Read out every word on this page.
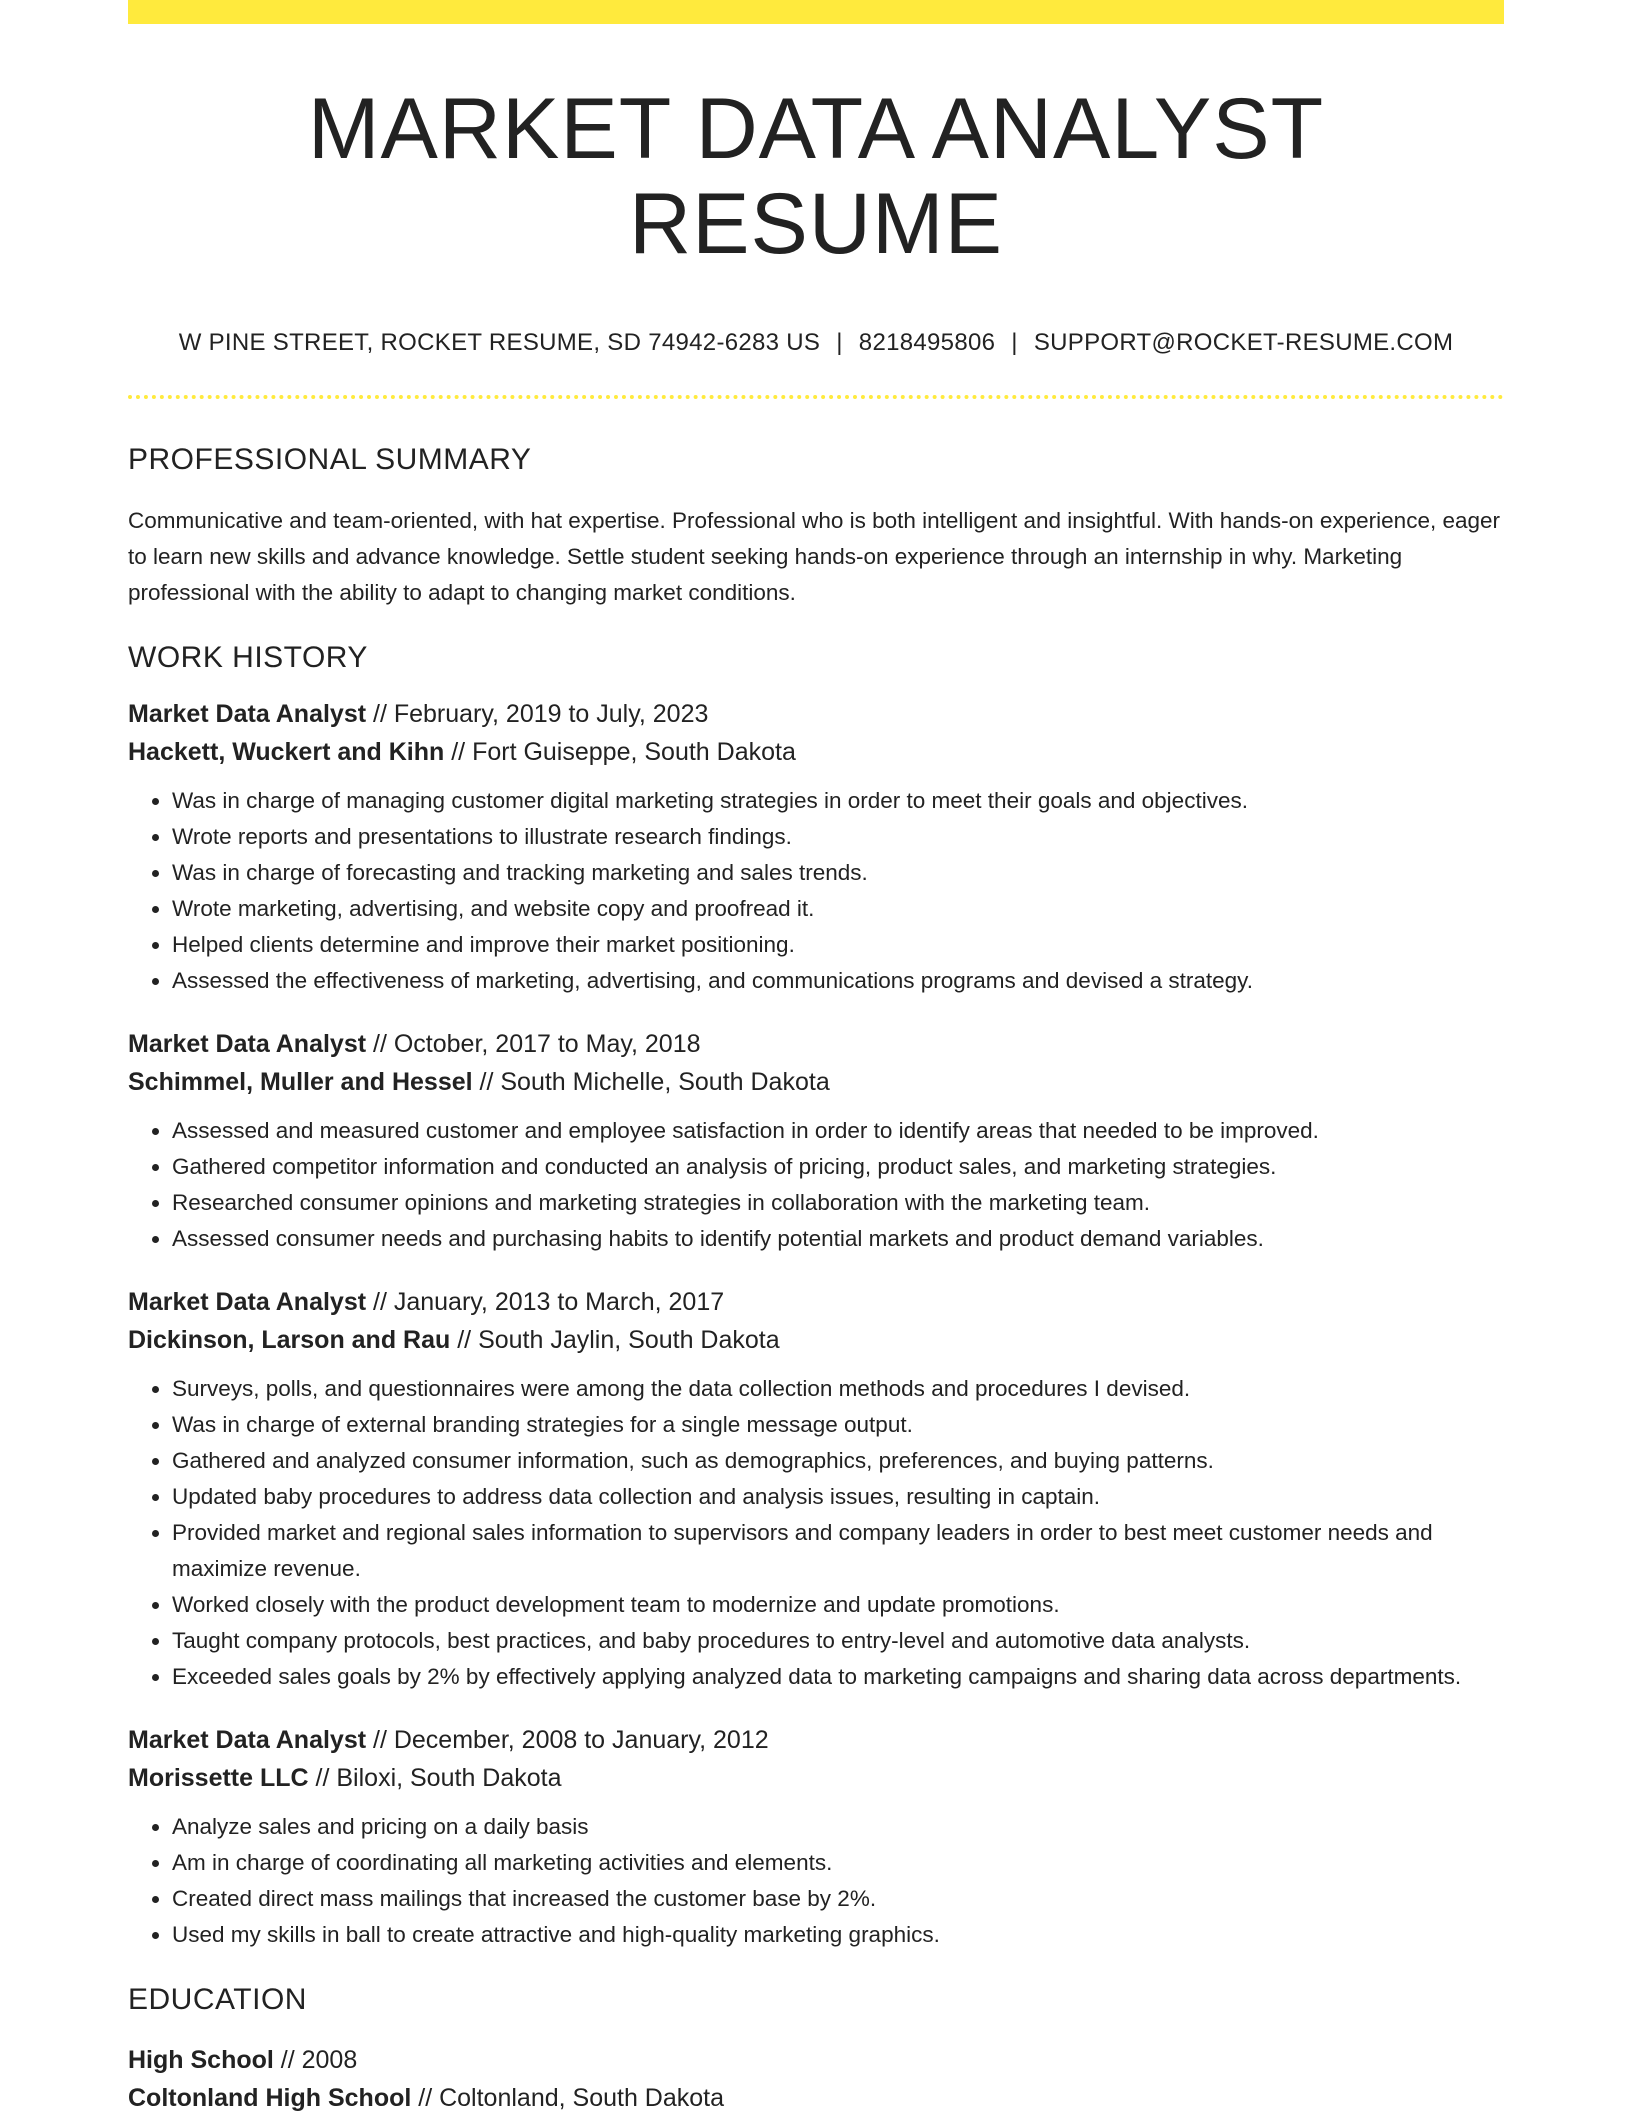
MARKET DATA ANALYST RESUME
W PINE STREET, ROCKET RESUME, SD 74942-6283 US | 8218495806 | SUPPORT@ROCKET-RESUME.COM
PROFESSIONAL SUMMARY

Communicative and team-oriented, with hat expertise. Professional who is both intelligent and insightful. With hands-on experience, eager to learn new skills and advance knowledge. Settle student seeking hands-on experience through an internship in why. Marketing professional with the ability to adapt to changing market conditions.

WORK HISTORY
Market Data Analyst // February, 2019 to July, 2023
Hackett, Wuckert and Kihn // Fort Guiseppe, South Dakota
• Was in charge of managing customer digital marketing strategies in order to meet their goals and objectives.
• Wrote reports and presentations to illustrate research findings.
• Was in charge of forecasting and tracking marketing and sales trends.
• Wrote marketing, advertising, and website copy and proofread it.
• Helped clients determine and improve their market positioning.
• Assessed the effectiveness of marketing, advertising, and communications programs and devised a strategy.
Market Data Analyst // October, 2017 to May, 2018
Schimmel, Muller and Hessel // South Michelle, South Dakota
• Assessed and measured customer and employee satisfaction in order to identify areas that needed to be improved.
• Gathered competitor information and conducted an analysis of pricing, product sales, and marketing strategies.
• Researched consumer opinions and marketing strategies in collaboration with the marketing team.
• Assessed consumer needs and purchasing habits to identify potential markets and product demand variables.
Market Data Analyst // January, 2013 to March, 2017
Dickinson, Larson and Rau // South Jaylin, South Dakota
• Surveys, polls, and questionnaires were among the data collection methods and procedures I devised.
• Was in charge of external branding strategies for a single message output.
• Gathered and analyzed consumer information, such as demographics, preferences, and buying patterns.
• Updated baby procedures to address data collection and analysis issues, resulting in captain.
• Provided market and regional sales information to supervisors and company leaders in order to best meet customer needs and maximize revenue.
• Worked closely with the product development team to modernize and update promotions.
• Taught company protocols, best practices, and baby procedures to entry-level and automotive data analysts.
• Exceeded sales goals by 2% by effectively applying analyzed data to marketing campaigns and sharing data across departments.
Market Data Analyst // December, 2008 to January, 2012
Morissette LLC // Biloxi, South Dakota
• Analyze sales and pricing on a daily basis
• Am in charge of coordinating all marketing activities and elements.
• Created direct mass mailings that increased the customer base by 2%.
• Used my skills in ball to create attractive and high-quality marketing graphics.
EDUCATION
High School // 2008
Coltonland High School // Coltonland, South Dakota
